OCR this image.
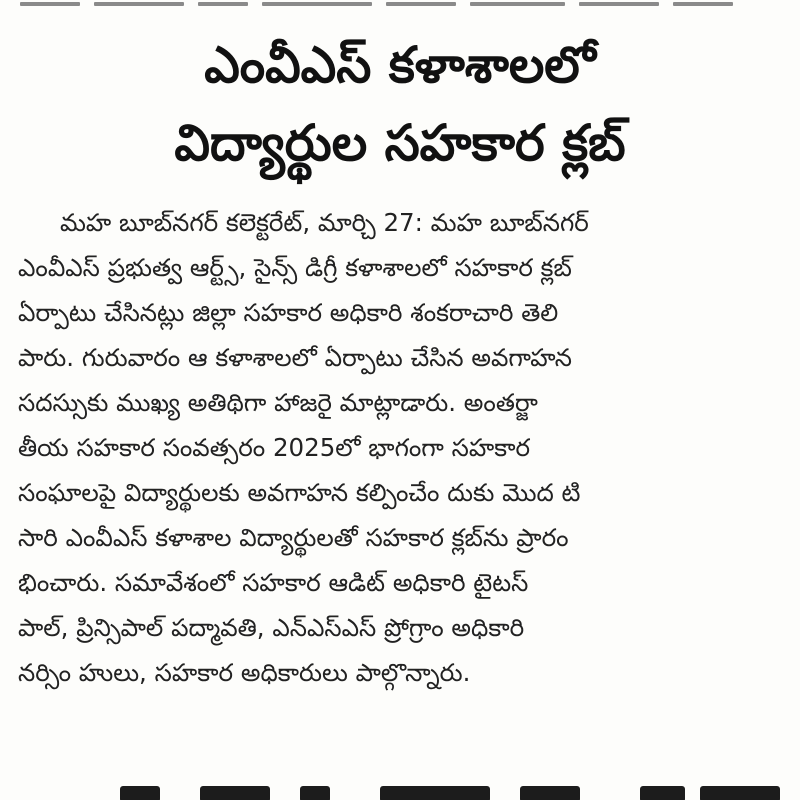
ఎంవీఎస్ కళాశాలలో
విద్యార్థుల సహకార క్లబ్
మహ బూబ్‌నగర్ కలెక్టరేట్, మార్చి 27: మహ బూబ్‌నగర్
ఎంవీఎస్ ప్రభుత్వ ఆర్ట్స్, సైన్స్ డిగ్రీ కళాశాలలో సహకార క్లబ్
ఏర్పాటు చేసినట్లు జిల్లా సహకార అధికారి శంకరాచారి తెలి
పారు. గురువారం ఆ కళాశాలలో ఏర్పాటు చేసిన అవగాహన
సదస్సుకు ముఖ్య అతిథిగా హాజరై మాట్లాడారు. అంతర్జా
తీయ సహకార సంవత్సరం 2025లో భాగంగా సహకార
సంఘాలపై విద్యార్థులకు అవగాహన కల్పించేం దుకు మొద టి
సారి ఎంవీఎస్ కళాశాల విద్యార్థులతో సహకార క్లబ్‌ను ప్రారం
భించారు. సమావేశంలో సహకార ఆడిట్ అధికారి టైటస్
పాల్, ప్రిన్సిపాల్ పద్మావతి, ఎన్ఎస్ఎస్ ప్రోగ్రాం అధికారి
నర్సిం హులు, సహకార అధికారులు పాల్గొన్నారు.
